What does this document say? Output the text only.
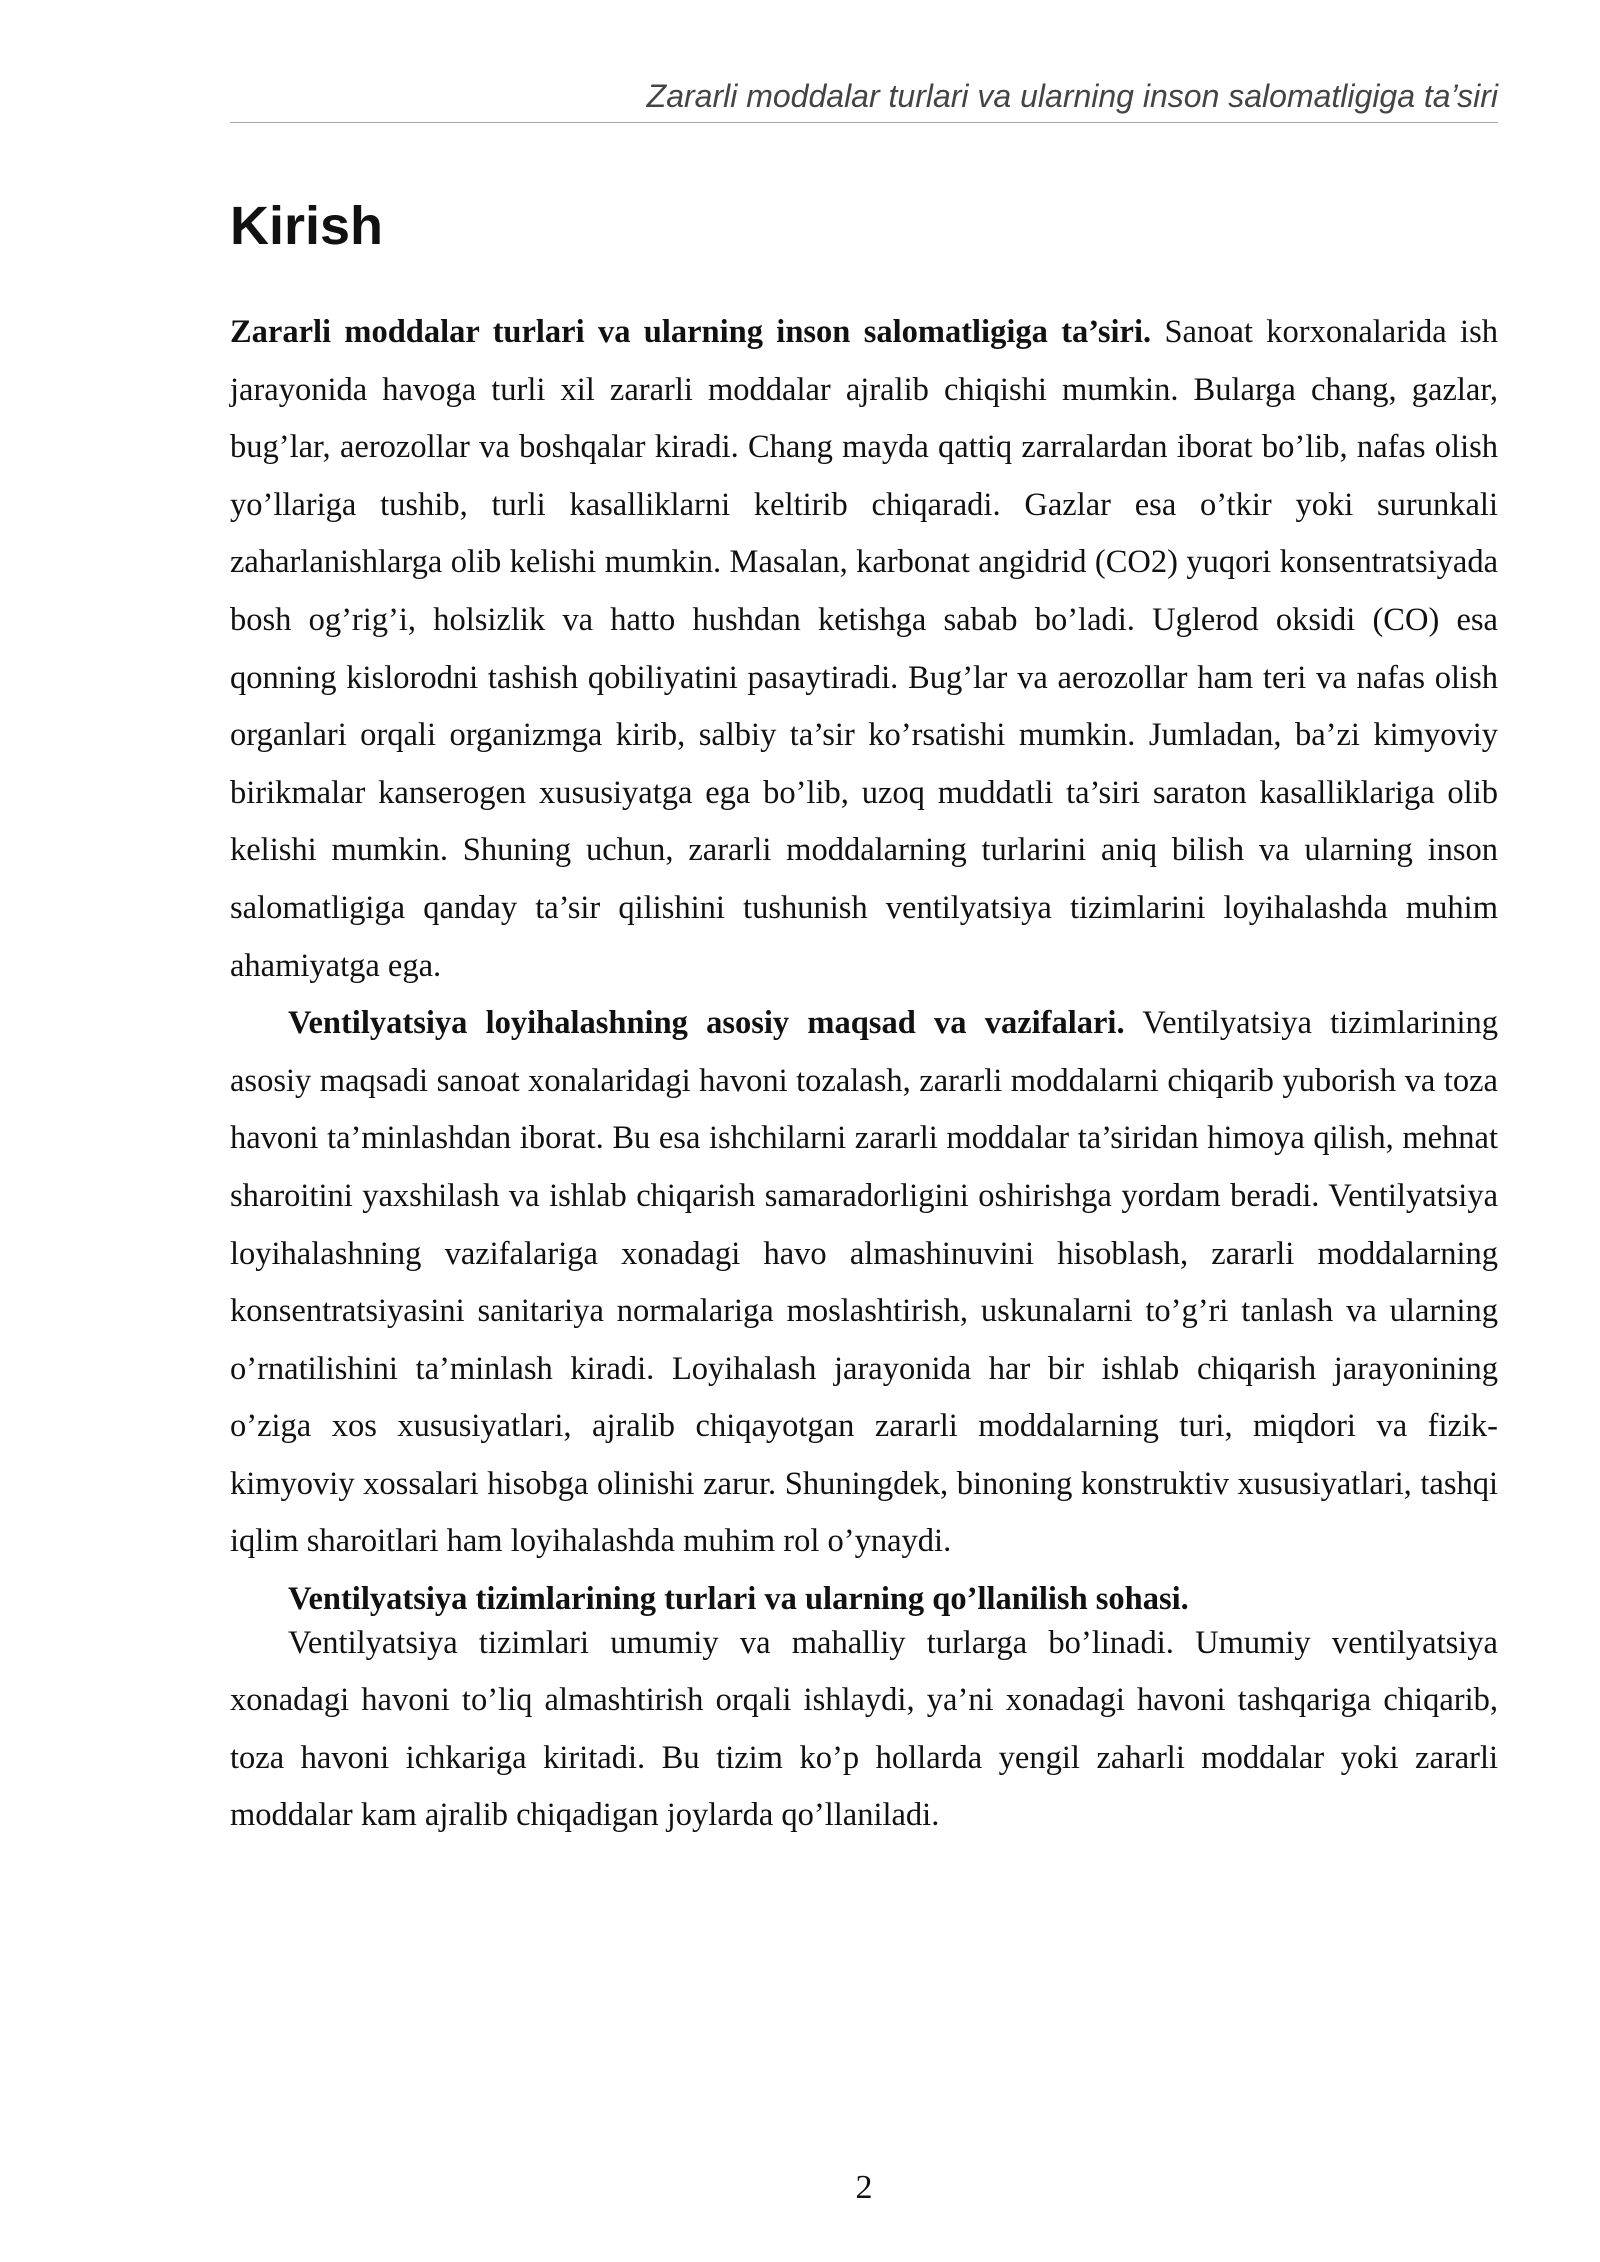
Zararli moddalar turlari va ularning inson salomatligiga ta’siri
Kirish

Zararli moddalar turlari va ularning inson salomatligiga ta’siri. Sanoat korxonalarida ish jarayonida havoga turli xil zararli moddalar ajralib chiqishi mumkin. Bularga chang, gazlar, bug’lar, aerozollar va boshqalar kiradi. Chang mayda qattiq zarralardan iborat bo’lib, nafas olish yo’llariga tushib, turli kasalliklarni keltirib chiqaradi. Gazlar esa o’tkir yoki surunkali zaharlanishlarga olib kelishi mumkin. Masalan, karbonat angidrid (CO2) yuqori konsentratsiyada bosh og’rig’i, holsizlik va hatto hushdan ketishga sabab bo’ladi. Uglerod oksidi (CO) esa qonning kislorodni tashish qobiliyatini pasaytiradi. Bug’lar va aerozollar ham teri va nafas olish organlari orqali organizmga kirib, salbiy ta’sir ko’rsatishi mumkin. Jumladan, ba’zi kimyoviy birikmalar kanserogen xususiyatga ega bo’lib, uzoq muddatli ta’siri saraton kasalliklariga olib kelishi mumkin. Shuning uchun, zararli moddalarning turlarini aniq bilish va ularning inson salomatligiga qanday ta’sir qilishini tushunish ventilyatsiya tizimlarini loyihalashda muhim ahamiyatga ega.

Ventilyatsiya loyihalashning asosiy maqsad va vazifalari. Ventilyatsiya tizimlarining asosiy maqsadi sanoat xonalaridagi havoni tozalash, zararli moddalarni chiqarib yuborish va toza havoni ta’minlashdan iborat. Bu esa ishchilarni zararli moddalar ta’siridan himoya qilish, mehnat sharoitini yaxshilash va ishlab chiqarish samaradorligini oshirishga yordam beradi. Ventilyatsiya loyihalashning vazifalariga xonadagi havo almashinuvini hisoblash, zararli moddalarning konsentratsiyasini sanitariya normalariga moslashtirish, uskunalarni to’g’ri tanlash va ularning o’rnatilishini ta’minlash kiradi. Loyihalash jarayonida har bir ishlab chiqarish jarayonining o’ziga xos xususiyatlari, ajralib chiqayotgan zararli moddalarning turi, miqdori va fizik-kimyoviy xossalari hisobga olinishi zarur. Shuningdek, binoning konstruktiv xususiyatlari, tashqi iqlim sharoitlari ham loyihalashda muhim rol o’ynaydi.

Ventilyatsiya tizimlarining turlari va ularning qo’llanilish sohasi.

Ventilyatsiya tizimlari umumiy va mahalliy turlarga bo’linadi. Umumiy ventilyatsiya xonadagi havoni to’liq almashtirish orqali ishlaydi, ya’ni xonadagi havoni tashqariga chiqarib, toza havoni ichkariga kiritadi. Bu tizim ko’p hollarda yengil zaharli moddalar yoki zararli moddalar kam ajralib chiqadigan joylarda qo’llaniladi.

2
